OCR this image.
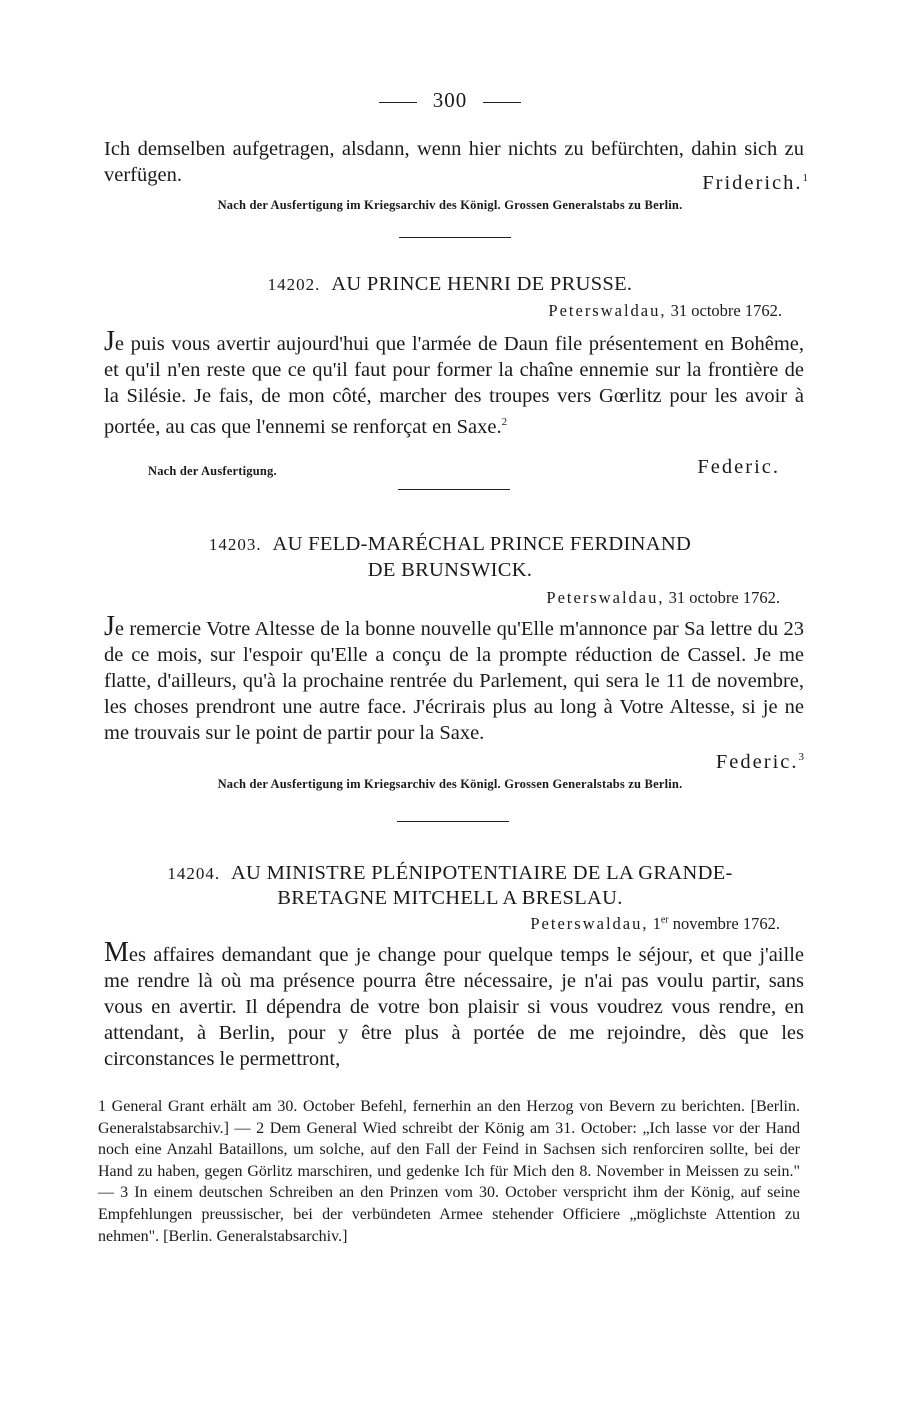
300

Ich demselben aufgetragen, alsdann, wenn hier nichts zu befürchten, dahin sich zu verfügen.	Friderich.$^1$
Nach der Ausfertigung im Kriegsarchiv des Königl. Grossen Generalstabs zu Berlin.
14202. AU PRINCE HENRI DE PRUSSE.
Peterswaldau, 31 octobre 1762.

Je puis vous avertir aujourd'hui que l'armée de Daun file présentement en Bohême, et qu'il n'en reste que ce qu'il faut pour former la chaîne ennemie sur la frontière de la Silésie. Je fais, de mon côté, marcher des troupes vers Gœrlitz pour les avoir à portée, au cas que l'ennemi se renforçat en Saxe.$^2$

Nach der Ausfertigung.	Federic.
14203. AU FELD-MARÉCHAL PRINCE FERDINAND
DE BRUNSWICK.
Peterswaldau, 31 octobre 1762.

Je remercie Votre Altesse de la bonne nouvelle qu'Elle m'annonce par Sa lettre du 23 de ce mois, sur l'espoir qu'Elle a conçu de la prompte réduction de Cassel. Je me flatte, d'ailleurs, qu'à la prochaine rentrée du Parlement, qui sera le 11 de novembre, les choses prendront une autre face. J'écrirais plus au long à Votre Altesse, si je ne me trouvais sur le point de partir pour la Saxe.

Federic.$^3$
Nach der Ausfertigung im Kriegsarchiv des Königl. Grossen Generalstabs zu Berlin.
14204. AU MINISTRE PLÉNIPOTENTIAIRE DE LA GRANDE-
BRETAGNE MITCHELL A BRESLAU.
Peterswaldau, 1er novembre 1762.

Mes affaires demandant que je change pour quelque temps le séjour, et que j'aille me rendre là où ma présence pourra être nécessaire, je n'ai pas voulu partir, sans vous en avertir. Il dépendra de votre bon plaisir si vous voudrez vous rendre, en attendant, à Berlin, pour y être plus à portée de me rejoindre, dès que les circonstances le permettront,

1 General Grant erhält am 30. October Befehl, fernerhin an den Herzog von Bevern zu berichten. [Berlin. Generalstabsarchiv.] — 2 Dem General Wied schreibt der König am 31. October: „Ich lasse vor der Hand noch eine Anzahl Bataillons, um solche, auf den Fall der Feind in Sachsen sich renforciren sollte, bei der Hand zu haben, gegen Görlitz marschiren, und gedenke Ich für Mich den 8. November in Meissen zu sein." — 3 In einem deutschen Schreiben an den Prinzen vom 30. October verspricht ihm der König, auf seine Empfehlungen preussischer, bei der verbündeten Armee stehender Officiere „möglichste Attention zu nehmen". [Berlin. Generalstabsarchiv.]
